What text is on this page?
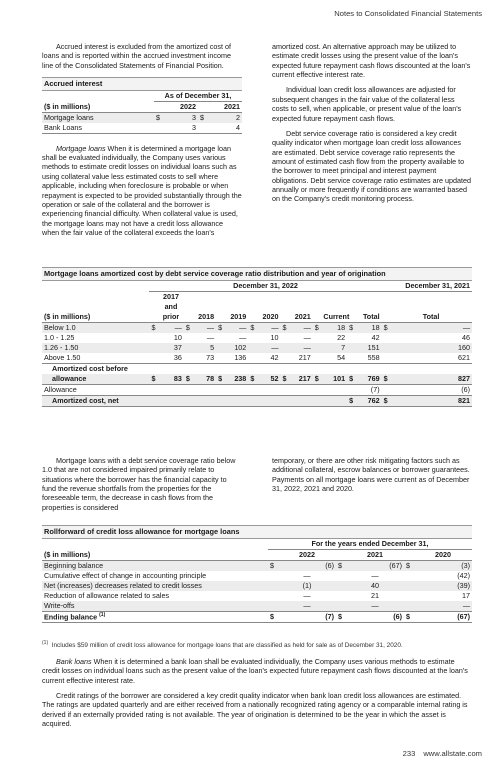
Notes to Consolidated Financial Statements

Accrued interest is excluded from the amortized cost of loans and is reported within the accrued investment income line of the Consolidated Statements of Financial Position.

Accrued interest
	As of December 31,			
($ in millions)		2022		2021
Mortgage loans	$	3	$	2
Bank Loans		3		4

Mortgage loans When it is determined a mortgage loan shall be evaluated individually, the Company uses various methods to estimate credit losses on individual loans such as using collateral value less estimated costs to sell where applicable, including when foreclosure is probable or when repayment is expected to be provided substantially through the operation or sale of the collateral and the borrower is experiencing financial difficulty. When collateral value is used, the mortgage loans may not have a credit loss allowance when the fair value of the collateral exceeds the loan's

amortized cost. An alternative approach may be utilized to estimate credit losses using the present value of the loan's expected future repayment cash flows discounted at the loan's current effective interest rate.

Individual loan credit loss allowances are adjusted for subsequent changes in the fair value of the collateral less costs to sell, when applicable, or present value of the loan's expected future repayment cash flows.

Debt service coverage ratio is considered a key credit quality indicator when mortgage loan credit loss allowances are estimated. Debt service coverage ratio represents the amount of estimated cash flow from the property available to the borrower to meet principal and interest payment obligations. Debt service coverage ratio estimates are updated annually or more frequently if conditions are warranted based on the Company's credit monitoring process.

Mortgage loans amortized cost by debt service coverage ratio distribution and year of origination
	December 31, 2022														December 31, 2021	
		2017														
		and														
($ in millions)		prior		2018		2019		2020		2021		Current		Total		Total
Below 1.0	$	—	$	—	$	—	$	—	$	—	$	18	$	18	$	—
1.0 - 1.25		10		—		—		10		—		22		42		46
1.26 - 1.50		37		5		102		—		—		7		151		160
Above 1.50		36		73		136		42		217		54		558		621
Amortized cost before																
allowance	$	83	$	78	$	238	$	52	$	217	$	101	$	769	$	827
Allowance														(7)		(6)
Amortized cost, net													$	762	$	821

Mortgage loans with a debt service coverage ratio below 1.0 that are not considered impaired primarily relate to situations where the borrower has the financial capacity to fund the revenue shortfalls from the properties for the foreseeable term, the decrease in cash flows from the properties is considered

temporary, or there are other risk mitigating factors such as additional collateral, escrow balances or borrower guarantees. Payments on all mortgage loans were current as of December 31, 2022, 2021 and 2020.

Rollforward of credit loss allowance for mortgage loans
	For the years ended December 31,					
($ in millions)		2022		2021		2020
Beginning balance	$	(6)	$	(67)	$	(3)
Cumulative effect of change in accounting principle		—		—		(42)
Net (increases) decreases related to credit losses		(1)		40		(39)
Reduction of allowance related to sales		—		21		17
Write-offs		—		—		—
Ending balance $^{(1)}$	$	(7)	$	(6)	$	(67)
$^{(1)}$ Includes $59 million of credit loss allowance for mortgage loans that are classified as held for sale as of December 31, 2020.

Bank loans When it is determined a bank loan shall be evaluated individually, the Company uses various methods to estimate credit losses on individual loans such as the present value of the loan's expected future repayment cash flows discounted at the loan's current effective interest rate.

Credit ratings of the borrower are considered a key credit quality indicator when bank loan credit loss allowances are estimated. The ratings are updated quarterly and are either received from a nationally recognized rating agency or a comparable internal rating is derived if an externally provided rating is not available. The year of origination is determined to be the year in which the asset is acquired.

233 www.allstate.com
